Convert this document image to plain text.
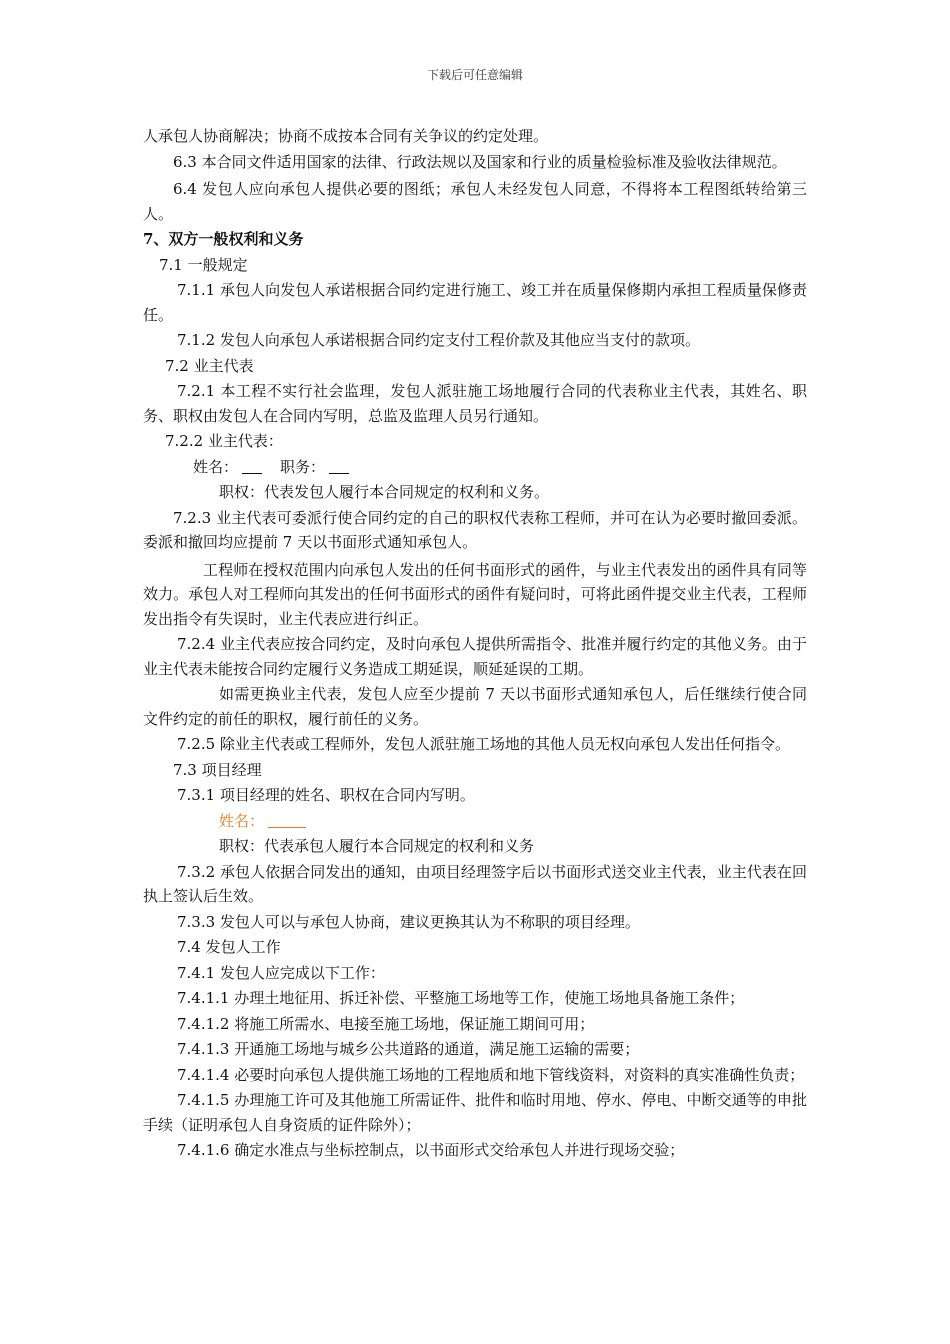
下载后可任意编辑

人承包人协商解决；协商不成按本合同有关争议的约定处理。

6.3 本合同文件适用国家的法律、行政法规以及国家和行业的质量检验标准及验收法律规范。

6.4 发包人应向承包人提供必要的图纸；承包人未经发包人同意，不得将本工程图纸转给第三人。

7、双方一般权利和义务

7.1 一般规定

7.1.1 承包人向发包人承诺根据合同约定进行施工、竣工并在质量保修期内承担工程质量保修责任。

7.1.2 发包人向承包人承诺根据合同约定支付工程价款及其他应当支付的款项。

7.2 业主代表

7.2.1 本工程不实行社会监理，发包人派驻施工场地履行合同的代表称业主代表，其姓名、职务、职权由发包人在合同内写明，总监及监理人员另行通知。

7.2.2 业主代表：

姓名：	职务：

职权：代表发包人履行本合同规定的权利和义务。

7.2.3 业主代表可委派行使合同约定的自己的职权代表称工程师，并可在认为必要时撤回委派。委派和撤回均应提前 7 天以书面形式通知承包人。

工程师在授权范围内向承包人发出的任何书面形式的函件，与业主代表发出的函件具有同等效力。承包人对工程师向其发出的任何书面形式的函件有疑问时，可将此函件提交业主代表，工程师发出指令有失误时，业主代表应进行纠正。

7.2.4 业主代表应按合同约定，及时向承包人提供所需指令、批准并履行约定的其他义务。由于业主代表未能按合同约定履行义务造成工期延误，顺延延误的工期。

如需更换业主代表，发包人应至少提前 7 天以书面形式通知承包人，后任继续行使合同文件约定的前任的职权，履行前任的义务。

7.2.5 除业主代表或工程师外，发包人派驻施工场地的其他人员无权向承包人发出任何指令。

7.3 项目经理

7.3.1 项目经理的姓名、职权在合同内写明。

姓名：

职权：代表承包人履行本合同规定的权利和义务

7.3.2 承包人依据合同发出的通知，由项目经理签字后以书面形式送交业主代表，业主代表在回执上签认后生效。

7.3.3 发包人可以与承包人协商，建议更换其认为不称职的项目经理。

7.4 发包人工作

7.4.1 发包人应完成以下工作：

7.4.1.1 办理土地征用、拆迁补偿、平整施工场地等工作，使施工场地具备施工条件；

7.4.1.2 将施工所需水、电接至施工场地，保证施工期间可用；

7.4.1.3 开通施工场地与城乡公共道路的通道，满足施工运输的需要；

7.4.1.4 必要时向承包人提供施工场地的工程地质和地下管线资料，对资料的真实准确性负责；

7.4.1.5 办理施工许可及其他施工所需证件、批件和临时用地、停水、停电、中断交通等的申批手续（证明承包人自身资质的证件除外）；

7.4.1.6 确定水准点与坐标控制点，以书面形式交给承包人并进行现场交验；
